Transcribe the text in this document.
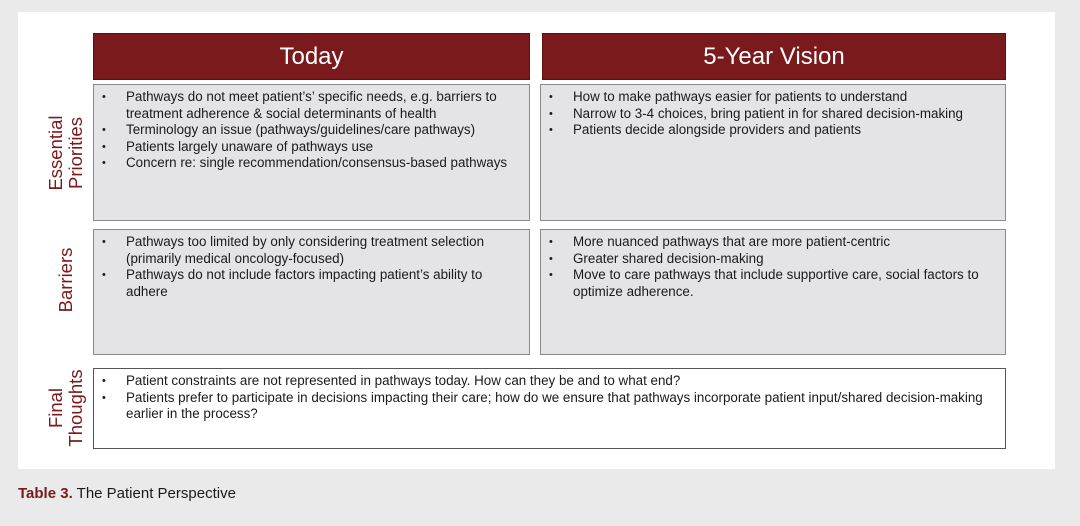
Today	5-Year Vision
Essential Priorities
Barriers
Final Thoughts
• Pathways do not meet patient’s’ specific needs, e.g. barriers to treatment adherence & social determinants of health
• Terminology an issue (pathways/guidelines/care pathways)
• Patients largely unaware of pathways use
• Concern re: single recommendation/consensus-based pathways
• How to make pathways easier for patients to understand
• Narrow to 3-4 choices, bring patient in for shared decision-making
• Patients decide alongside providers and patients
• Pathways too limited by only considering treatment selection (primarily medical oncology-focused)
• Pathways do not include factors impacting patient’s ability to adhere
• More nuanced pathways that are more patient-centric
• Greater shared decision-making
• Move to care pathways that include supportive care, social factors to optimize adherence.
• Patient constraints are not represented in pathways today. How can they be and to what end?
• Patients prefer to participate in decisions impacting their care; how do we ensure that pathways incorporate patient input/shared decision-making earlier in the process?
Table 3. The Patient Perspective
